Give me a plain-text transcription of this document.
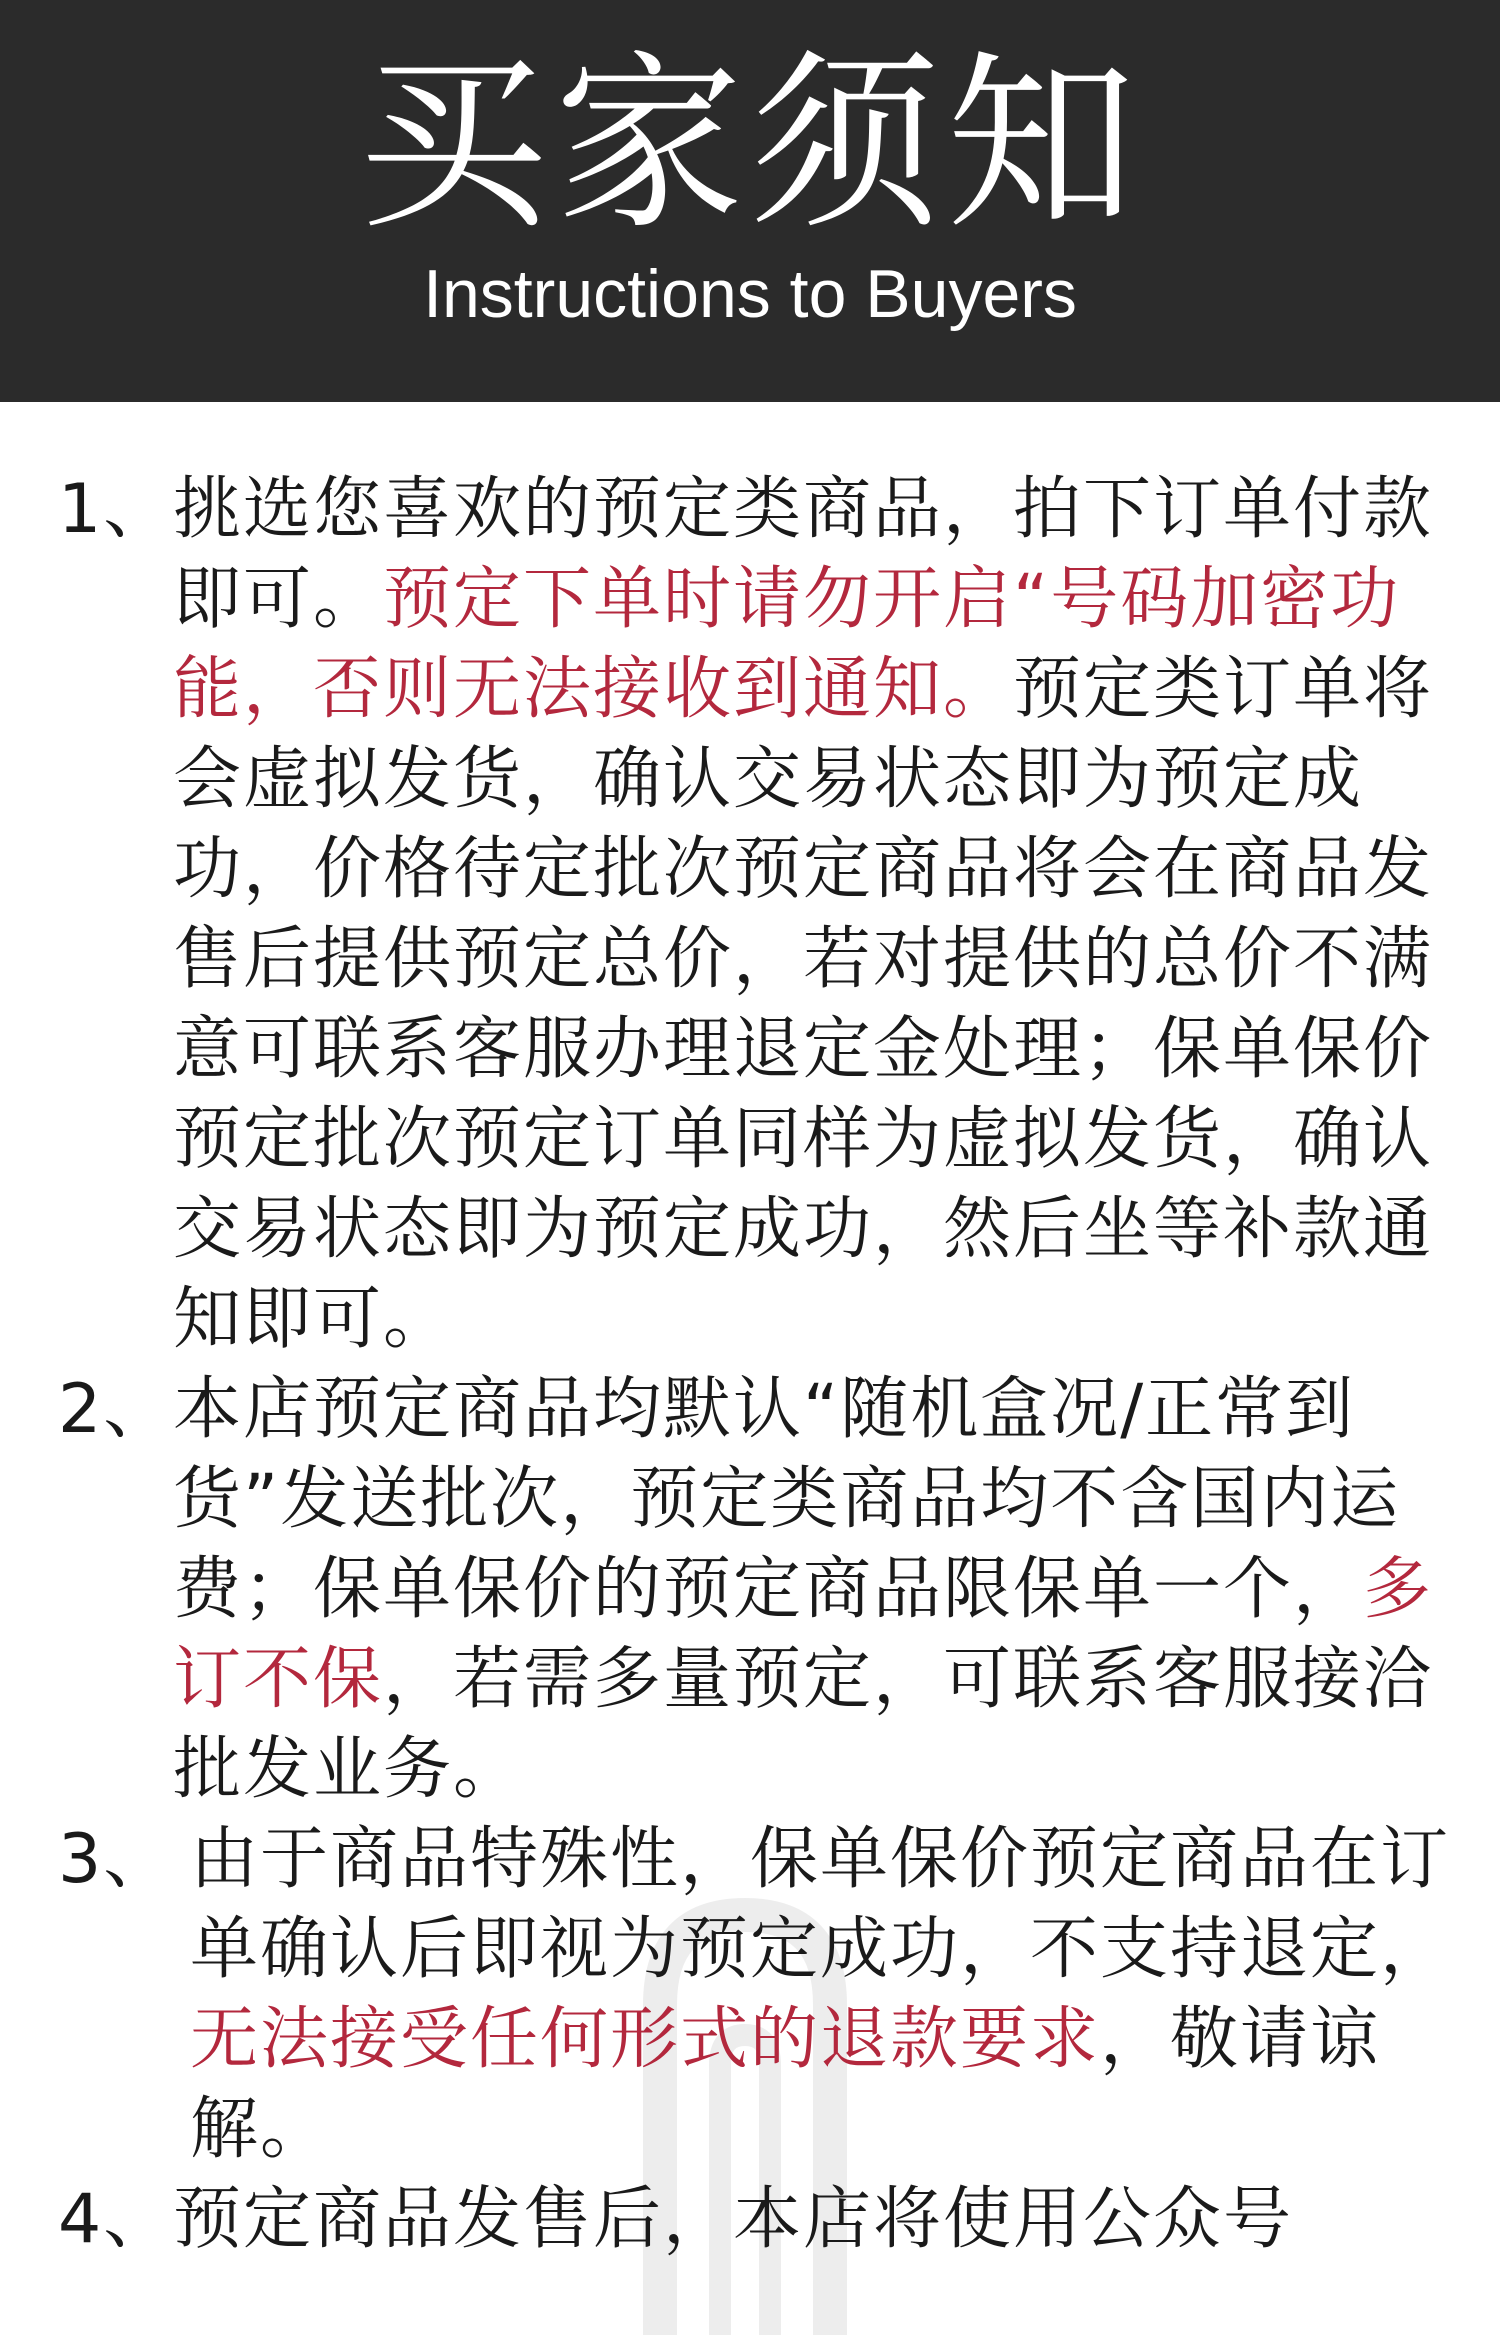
买家须知
Instructions to Buyers

1、 挑选您喜欢的预定类商品，拍下订单付款即可。预定下单时请勿开启“号码加密功能，否则无法接收到通知。预定类订单将会虚拟发货，确认交易状态即为预定成功，价格待定批次预定商品将会在商品发售后提供预定总价，若对提供的总价不满意可联系客服办理退定金处理；保单保价预定批次预定订单同样为虚拟发货，确认交易状态即为预定成功，然后坐等补款通知即可。

2、 本店预定商品均默认“随机盒况/正常到货”发送批次，预定类商品均不含国内运费；保单保价的预定商品限保单一个，多订不保，若需多量预定，可联系客服接洽批发业务。

3、 由于商品特殊性，保单保价预定商品在订单确认后即视为预定成功，不支持退定，无法接受任何形式的退款要求，敬请谅解。

4、 预定商品发售后，本店将使用公众号
